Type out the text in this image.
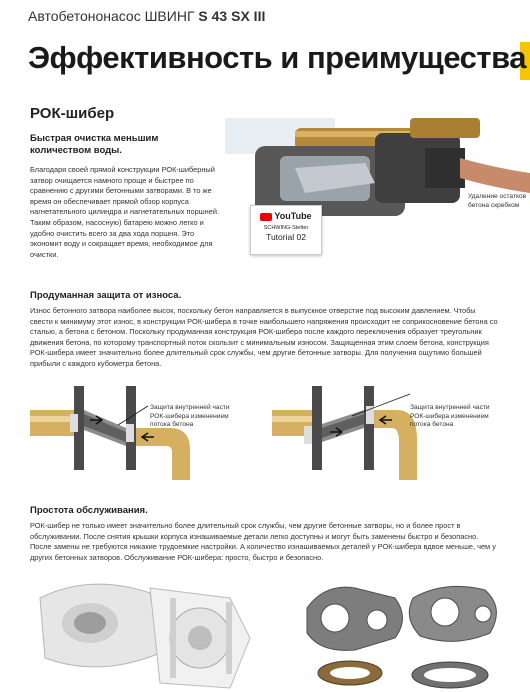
Автобетононасос ШВИНГ S 43 SX III
Эффективность и преимущества
РОК-шибер
Быстрая очистка меньшим количеством воды.
Благодаря своей прямой конструкции РОК-шиберный затвор очищается намного проще и быстрее по сравнению с другими бетонными затворами. В то же время он обеспечивает прямой обзор корпуса нагнетательного цилиндра и нагнетательных поршней. Таким образом, насосную) батарею можно легко и удобно очистить всего за два хода поршня. Это экономит воду и сокращает время, необходимое для очистки.
YouTube
SCHWING-Stetter
Tutorial 02
Удаление остатков бетона скребком
Продуманная защита от износа.
Износ бетонного затвора наиболее высок, поскольку бетон направляется в выпускное отверстие под высоким давлением. Чтобы свести к минимуму этот износ, в конструкции РОК-шибера в точке наибольшего напряжения происходит не соприкосновение бетона со сталью, а бетона с бетоном. Поскольку продуманная конструкция РОК-шибера после каждого переключения образует треугольник движения бетона, по которому транспортный поток скользит с минимальным износом. Защищенная этим слоем бетона, конструкция РОК-шибера имеет значительно более длительный срок службы, чем другие бетонные затворы. Для получения ощутимо большей прибыли с каждого кубометра бетона.
Защита внутренней части РОК-шибера изменением потока бетона
Защита внутренней части РОК-шибера изменением потока бетона
Простота обслуживания.
РОК-шибер не только имеет значительно более длительный срок службы, чем другие бетонные затворы, но и более прост в обслуживании. После снятия крышки корпуса изнашиваемые детали легко доступны и могут быть заменены быстро и безопасно. После замены не требуются никакие трудоемкие настройки. А количество изнашиваемых деталей у РОК-шибера вдвое меньше, чем у других бетонных затворов. Обслуживание РОК-шибера: просто, быстро и безопасно.
